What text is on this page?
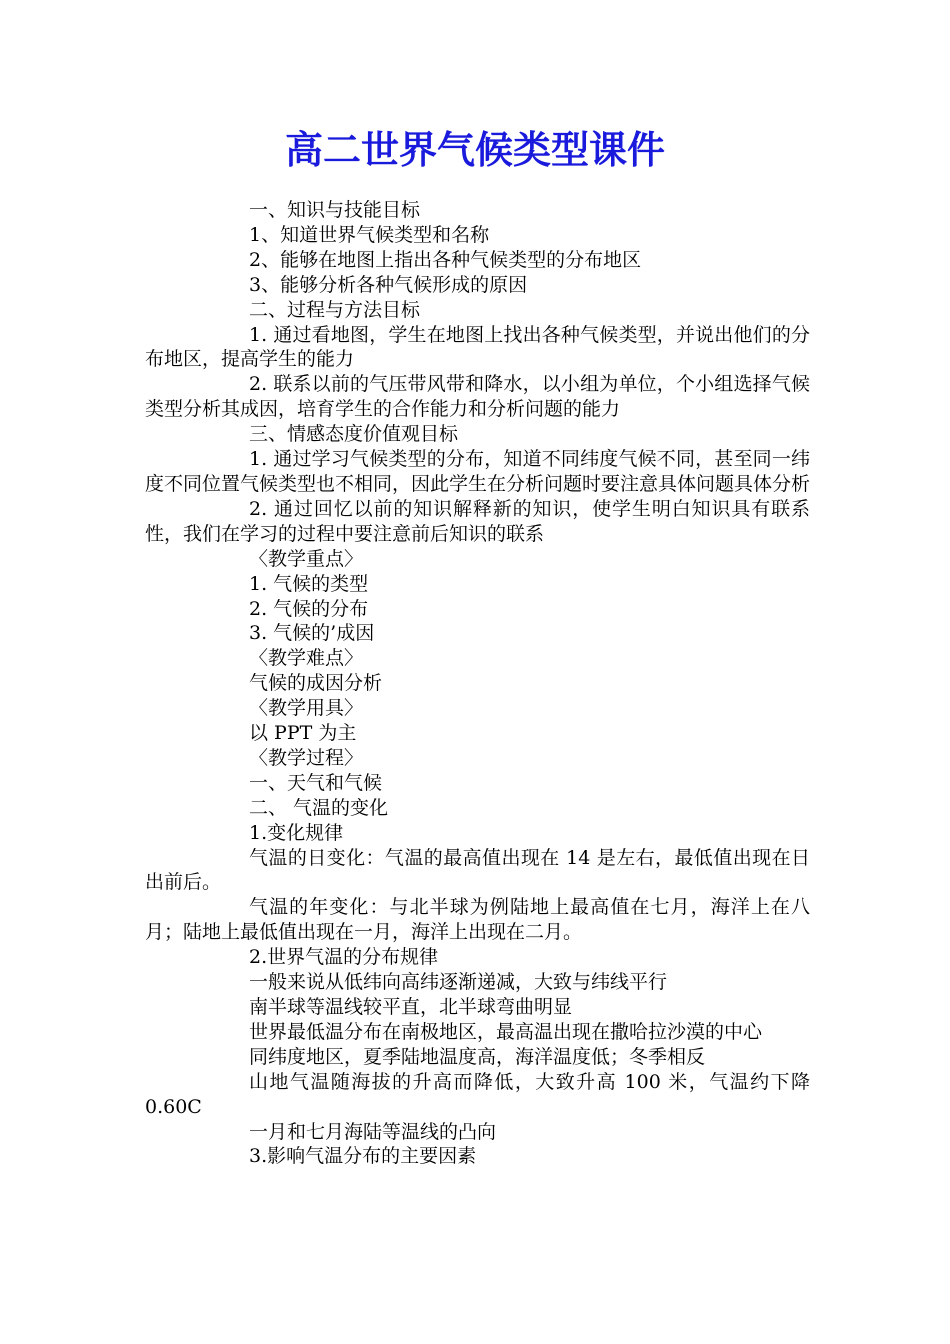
高二世界气候类型课件

一、知识与技能目标

1、知道世界气候类型和名称

2、能够在地图上指出各种气候类型的分布地区

3、能够分析各种气候形成的原因

二、过程与方法目标

1. 通过看地图，学生在地图上找出各种气候类型，并说出他们的分布地区，提高学生的能力

2. 联系以前的气压带风带和降水，以小组为单位，个小组选择气候类型分析其成因，培育学生的合作能力和分析问题的能力

三、情感态度价值观目标

1. 通过学习气候类型的分布，知道不同纬度气候不同，甚至同一纬度不同位置气候类型也不相同，因此学生在分析问题时要注意具体问题具体分析

2. 通过回忆以前的知识解释新的知识，使学生明白知识具有联系性，我们在学习的过程中要注意前后知识的联系

〈教学重点〉

1. 气候的类型

2. 气候的分布

3. 气候的’成因

〈教学难点〉

气候的成因分析

〈教学用具〉

以 PPT 为主

〈教学过程〉

一、天气和气候

二、 气温的变化

1.变化规律

气温的日变化：气温的最高值出现在 14 是左右，最低值出现在日出前后。

气温的年变化：与北半球为例陆地上最高值在七月，海洋上在八月；陆地上最低值出现在一月，海洋上出现在二月。

2.世界气温的分布规律

一般来说从低纬向高纬逐渐递减，大致与纬线平行

南半球等温线较平直，北半球弯曲明显

世界最低温分布在南极地区，最高温出现在撒哈拉沙漠的中心

同纬度地区，夏季陆地温度高，海洋温度低；冬季相反

山地气温随海拔的升高而降低，大致升高 100 米，气温约下降 0.60C

一月和七月海陆等温线的凸向

3.影响气温分布的主要因素
